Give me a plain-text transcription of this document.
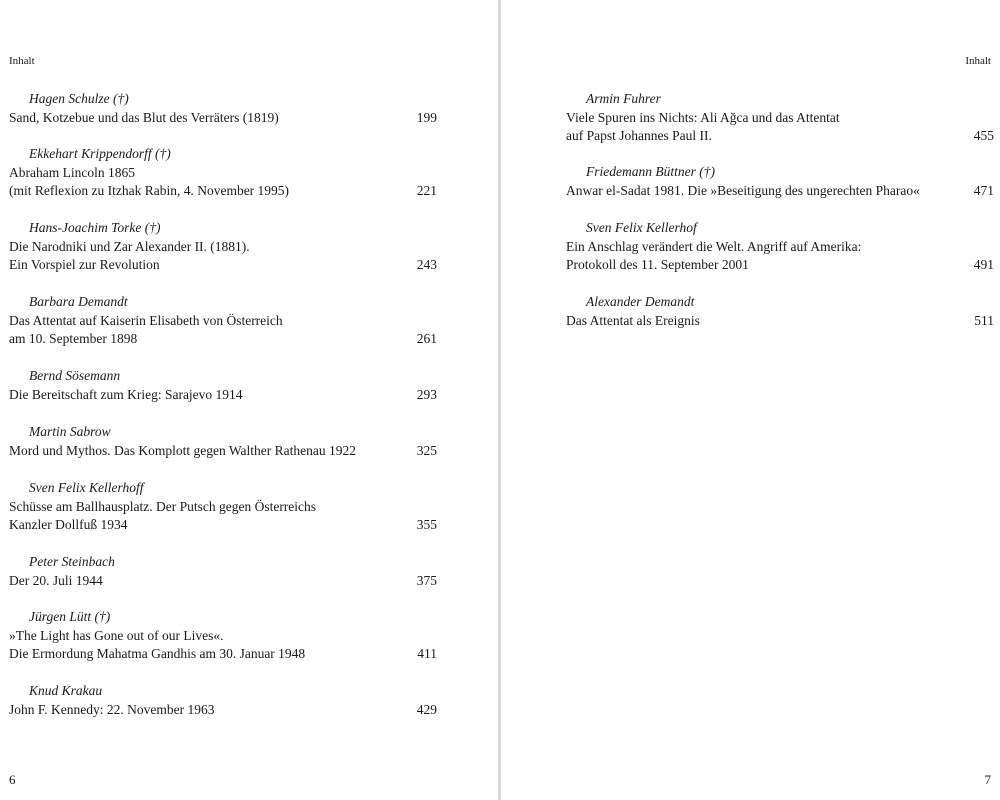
Inhalt
Hagen Schulze (†)
Sand, Kotzebue und das Blut des Verräters (1819)	199
Ekkehart Krippendorff (†)
Abraham Lincoln 1865
(mit Reflexion zu Itzhak Rabin, 4. November 1995)	221
Hans-Joachim Torke (†)
Die Narodniki und Zar Alexander II. (1881).
Ein Vorspiel zur Revolution	243
Barbara Demandt
Das Attentat auf Kaiserin Elisabeth von Österreich
am 10. September 1898	261
Bernd Sösemann
Die Bereitschaft zum Krieg: Sarajevo 1914	293
Martin Sabrow
Mord und Mythos. Das Komplott gegen Walther Rathenau 1922	325
Sven Felix Kellerhoff
Schüsse am Ballhausplatz. Der Putsch gegen Österreichs
Kanzler Dollfuß 1934	355
Peter Steinbach
Der 20. Juli 1944	375
Jürgen Lütt (†)
»The Light has Gone out of our Lives«.
Die Ermordung Mahatma Gandhis am 30. Januar 1948	411
Knud Krakau
John F. Kennedy: 22. November 1963	429
6
Inhalt
Armin Fuhrer
Viele Spuren ins Nichts: Ali Ağca und das Attentat
auf Papst Johannes Paul II.	455
Friedemann Büttner (†)
Anwar el-Sadat 1981. Die »Beseitigung des ungerechten Pharao«	471
Sven Felix Kellerhof
Ein Anschlag verändert die Welt. Angriff auf Amerika:
Protokoll des 11. September 2001	491
Alexander Demandt
Das Attentat als Ereignis	511
7
